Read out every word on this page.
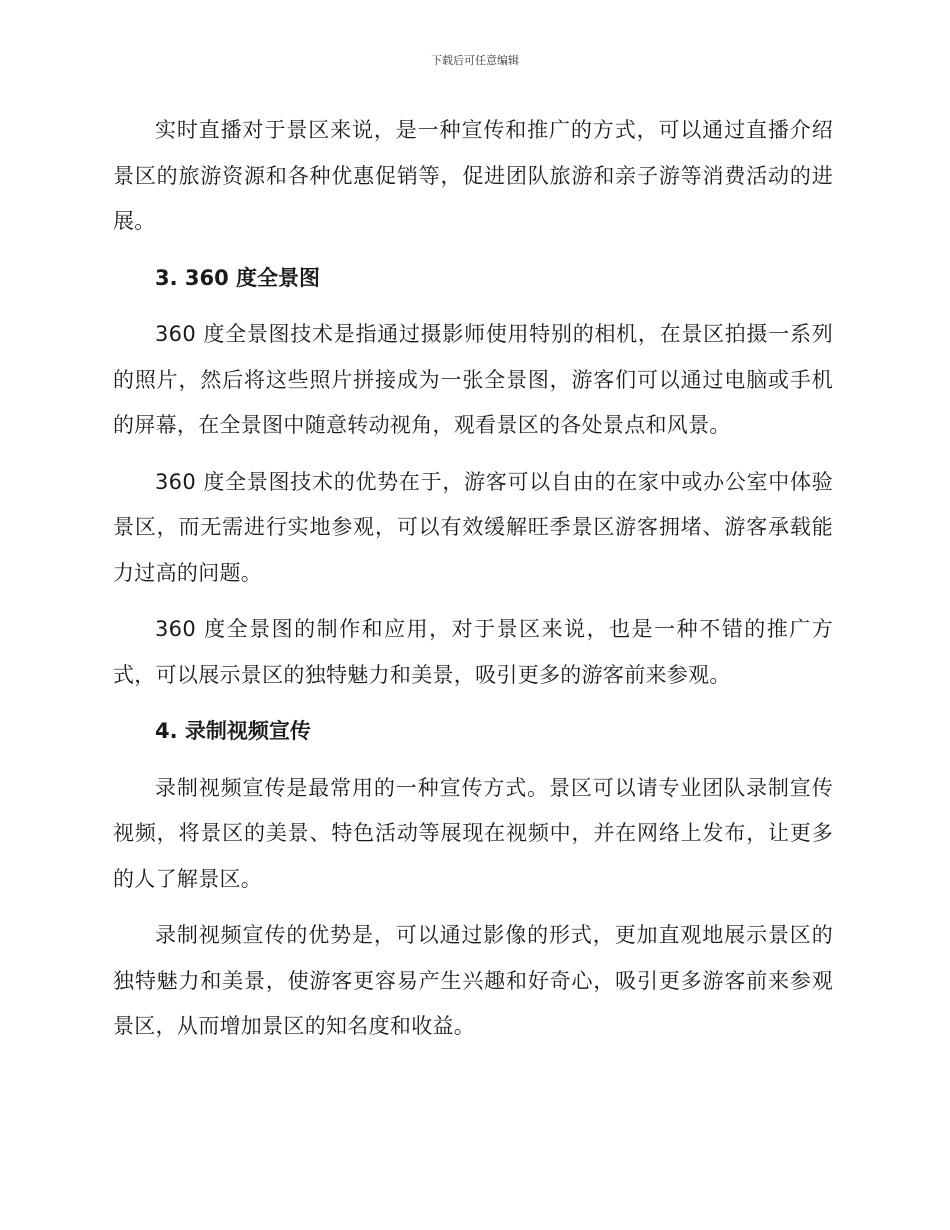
下载后可任意编辑

实时直播对于景区来说，是一种宣传和推广的方式，可以通过直播介绍景区的旅游资源和各种优惠促销等，促进团队旅游和亲子游等消费活动的进展。

3. 360 度全景图

360 度全景图技术是指通过摄影师使用特别的相机，在景区拍摄一系列的照片，然后将这些照片拼接成为一张全景图，游客们可以通过电脑或手机的屏幕，在全景图中随意转动视角，观看景区的各处景点和风景。

360 度全景图技术的优势在于，游客可以自由的在家中或办公室中体验景区，而无需进行实地参观，可以有效缓解旺季景区游客拥堵、游客承载能力过高的问题。

360 度全景图的制作和应用，对于景区来说，也是一种不错的推广方式，可以展示景区的独特魅力和美景，吸引更多的游客前来参观。

4. 录制视频宣传

录制视频宣传是最常用的一种宣传方式。景区可以请专业团队录制宣传视频，将景区的美景、特色活动等展现在视频中，并在网络上发布，让更多的人了解景区。

录制视频宣传的优势是，可以通过影像的形式，更加直观地展示景区的独特魅力和美景，使游客更容易产生兴趣和好奇心，吸引更多游客前来参观景区，从而增加景区的知名度和收益。
